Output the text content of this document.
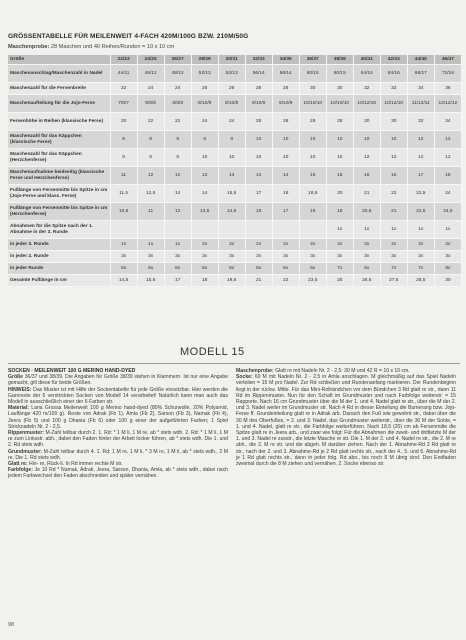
GRÖSSENTABELLE FÜR MEILENWEIT 4-FACH 420M/100G BZW. 210M/50G
Maschenprobe: 28 Maschen und 40 Reihen/Runden = 10 x 10 cm
Größe	22/23	24/25	26/27	28/29	30/31	32/33	34/35	36/37	38/39	40/41	42/43	44/45	46/47
Maschenanschlag/Maschenzahl in Nadel	44/11	48/12	48/12	52/13	52/13	56/14	56/14	60/15	60/15	64/16	64/16	68/17	72/18
Maschenzahl für die Fersenbreite	22	24	24	26	26	28	28	30	30	32	32	34	36
Maschenaufteilung für die Jojo-Ferse	7/8/7	8/8/8	8/8/8	8/10/8	8/10/8	9/10/9	9/10/9	10/10/10	10/10/10	10/12/10	10/12/10	11/12/11	12/12/12
Fersenhöhe in Reihen (klassische Ferse)	20	22	22	24	24	26	26	28	28	30	30	32	34
Maschenzahl für das Käppchen (klassische Ferse)	8	8	8	8	8	10	10	10	10	10	10	12	12
Maschenzahl für das Käppchen (Herzchenferse)	8	8	8	10	10	10	10	10	10	12	12	12	12
Maschenaufnahme beidseitig (klassische Ferse und Herzchenferse)	11	12	12	13	13	14	14	15	15	16	16	17	18
Fußlänge von Fersenmitte bis Spitze in cm (Jojo-Ferse und klass. Ferse)	11,5	12,5	14	14	15,5	17	18	18,5	20	21	22	22,5	24
Fußlänge von Fersenmitte bis Spitze in cm (Herzchenferse)	10,5	11	12	13,5	14,5	16	17	18	19	20,5	21	22,5	24,5
Abnahmen für die Spitze nach der 1. Abnahme in der 3. Runde									1x	1x	1x	1x	1x
in jeder 3. Runde	1x	1x	1x	2x	2x	2x	2x	2x	2x	2x	2x	2x	2x
in jeder 2. Runde	3x	3x	3x	3x	3x	3x	3x	3x	3x	3x	3x	3x	3x
in jeder Runde	5x	6x	6x	6x	6x	6x	6x	6x	7x	6x	7x	7x	8x
Gesamte Fußlänge in cm	14,5	15,5	17	18	19,5	21	22	23,5	25	26,5	27,5	28,5	30
MODELL 15

SOCKEN · MEILENWEIT 100 G MERINO HAND-DYED

Größe 36/37 und 38/39. Die Angaben für Größe 38/39 stehen in Klammern. Ist nur eine Angabe gemacht, gilt diese für beide Größen.

HINWEIS: Das Muster ist mit Hilfe der Sockentabelle für jede Größe einsetzbar. Hier werden die Garnreste der 6 verstrickten Socken von Modell 14 verarbeitet! Natürlich kann man auch das Modell in ausschließlich einer der 6 Farben str.

Material: Lana Grossa Meilenweit 100 g Merino hand-dyed (80% Schurwolle, 20% Polyamid, Lauflänge 420 m/100 g). Reste von Adrak (Fb 1), Amla (Fb 2), Sarson (Fb 3), Namak (Fb 4), Jeera (Fb 5) und 100 g Dhania (Fb 6) oder 100 g einer der aufgeführten Farben; 1 Spiel Stricknadeln Nr. 2 - 2,5.

Rippenmuster: M-Zahl teilbar durch 2. 1. Rd: * 1 M li, 1 M re, ab * stets wdh. 2. Rd: * 1 M li, 1 M re zum Linksstr. abh., dabei den Faden hinter der Arbeit locker führen, ab * stets wdh. Die 1. und 2. Rd stets wdh.

Grundmuster: M-Zahl teilbar durch 4. 1. Rd: 1 M re, 1 M li, * 3 M re, 1 M li, ab * stets wdh., 2 M re. Die 1. Rd stets wdh.

Glatt re: Hin- re, Rück-li. In Rd immer rechte M str.

Farbfolge: Je 10 Rd * Namak, Adrak, Jeera, Sarson, Dhania, Amla, ab * stets wdh., dabei nach jedem Farbwechsel den Faden abschneiden und später vernähen.

Maschenprobe: Glatt re mit Nadeln Nr. 2 - 2,5: 30 M und 42 R = 10 x 10 cm.

Socke: 60 M mit Nadeln Nr. 2 - 2,5 in Amla anschlagen. M gleichmäßig auf das Spiel Nadeln verteilen = 15 M pro Nadel. Zur Rd schließen und Rundenanfang markieren. Der Rundenbeginn liegt in der rückw. Mitte. Für das Mini-Rollrändchen vor dem Bündchen 3 Rd glatt re str., dann 11 Rd im Rippenmuster. Nun für den Schaft im Grundmuster und nach Farbfolge weiterstr. = 15 Rapporte. Nach 16 cm Grundmuster über die M der 1. und 4. Nadel glatt re str., über die M der 2. und 3. Nadel weiter im Grundmuster str. Nach 4 Rd in dieser Einteilung die Bumerang bzw. Jojo-Ferse ff. Grundeinteilung glatt re in Adrak arb. Danach den Fuß wie gewohnt str., dabei über die 30 M des Oberfußes, = 2. und 3. Nadel, das Grundmuster weiterstr., über die 30 M der Sohle, = 1. und 4. Nadel, glatt re str., die Farbfolge weiterführen. Nach 18,5 (20) cm ab Fersenmitte die Spitze glatt re in Jeera arb., und zwar wie folgt: Für die Abnahmen die zweit- und drittletzte M der 1. und 3. Nadel re zusstr., die letzte Masche re str. Die 1. M der 2. und 4. Nadel re str., die 2. M re abh., die 3. M re str. und die abgeh. M darüber ziehen. Nach der 1. Abnahme-Rd 3 Rd glatt re str., nach der 2. und 3. Abnahme-Rd je 2 Rd glatt rechts str., nach der 4., 5. und 6. Abnahme-Rd je 1 Rd glatt rechts str., dann in jeder folg. Rd abn., bis noch 8 M übrig sind. Den Endfaden zweimal durch die 8 M ziehen und vernähen. 2. Socke ebenso str.

98
